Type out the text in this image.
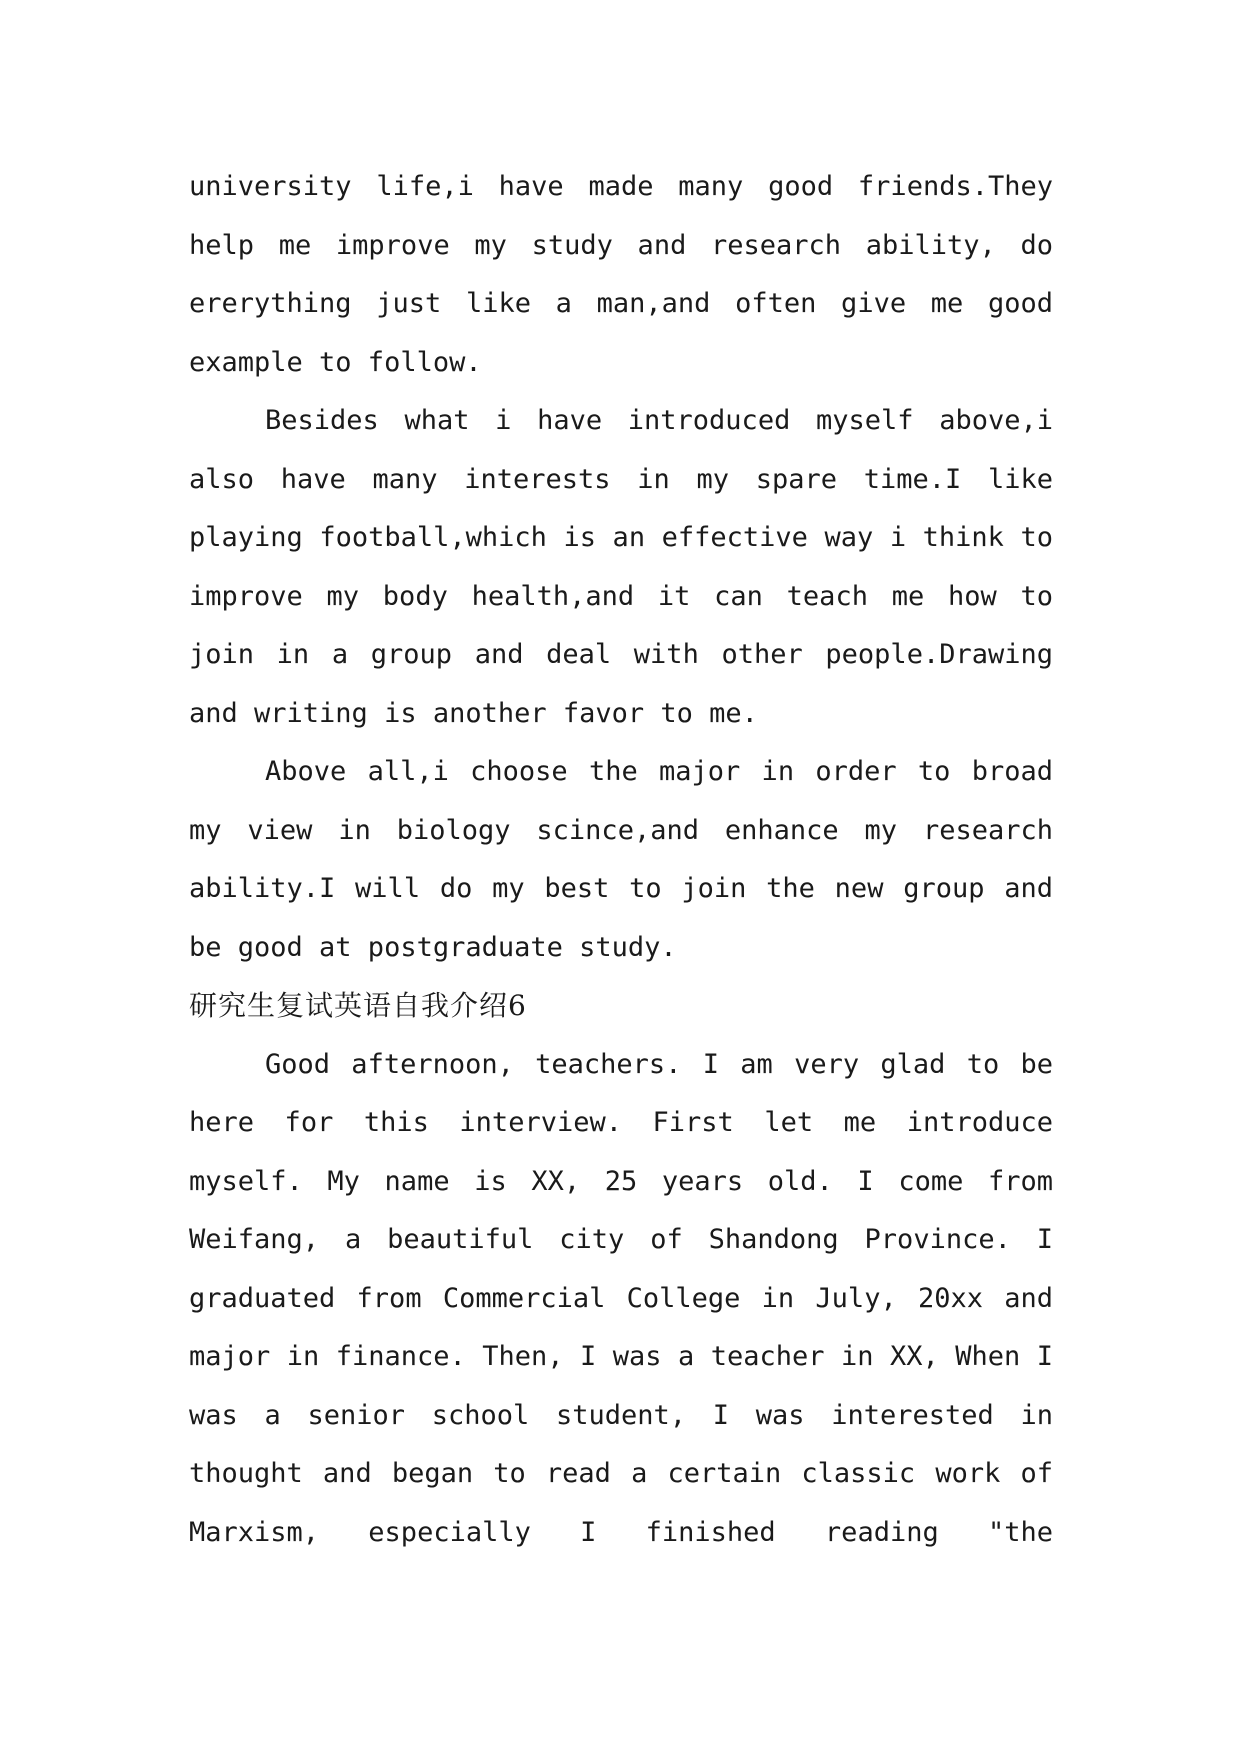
university life,i have made many good friends.They help me improve my study and research ability, do ererything just like a man,and often give me good example to follow.

Besides what i have introduced myself above,i also have many interests in my spare time.I like playing football,which is an effective way i think to improve my body health,and it can teach me how to join in a group and deal with other people.Drawing and writing is another favor to me.

Above all,i choose the major in order to broad my view in biology scince,and enhance my research ability.I will do my best to join the new group and be good at postgraduate study.

研究生复试英语自我介绍6

Good afternoon, teachers. I am very glad to be here for this interview. First let me introduce myself. My name is XX, 25 years old. I come from Weifang, a beautiful city of Shandong Province. I graduated from Commercial College in July, 20xx and major in finance. Then, I was a teacher in XX, When I was a senior school student, I was interested in thought and began to read a certain classic work of Marxism, especially I finished reading "the
